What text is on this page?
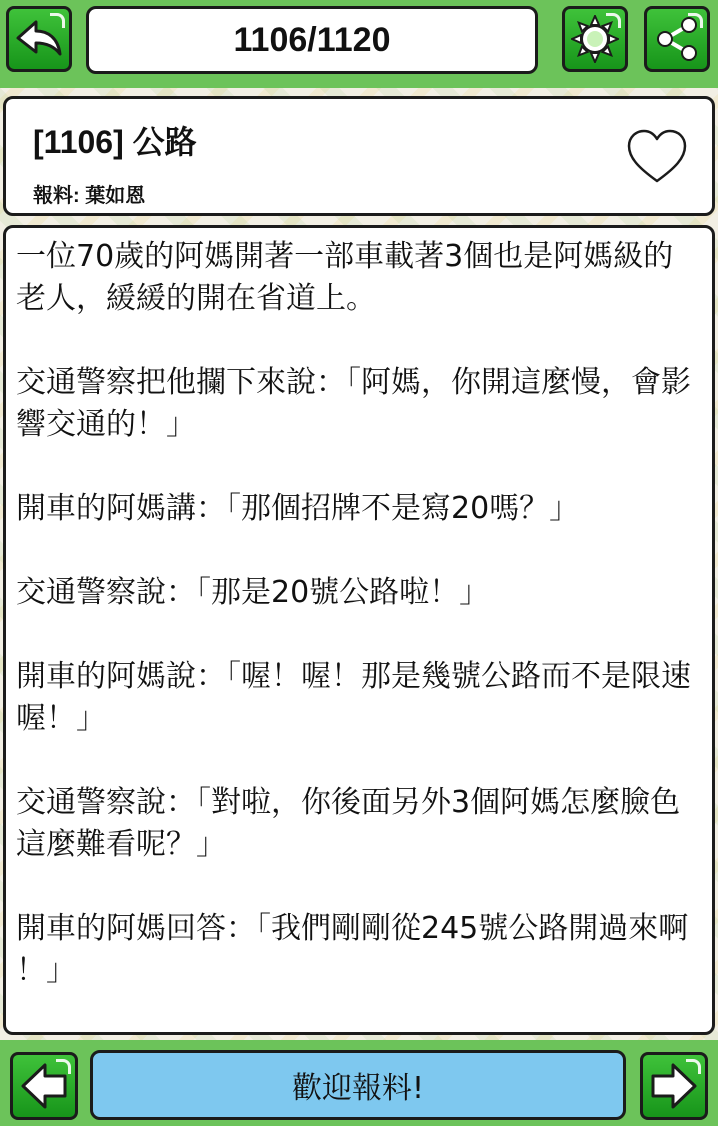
1106/1120
[1106] 公路
報料: 葉如恩

一位70歲的阿媽開著一部車載著3個也是阿媽級的老人，緩緩的開在省道上。

交通警察把他攔下來說：「阿媽，你開這麼慢，會影響交通的！」

開車的阿媽講：「那個招牌不是寫20嗎？」

交通警察說：「那是20號公路啦！」

開車的阿媽說：「喔！喔！那是幾號公路而不是限速喔！」

交通警察說：「對啦，你後面另外3個阿媽怎麼臉色這麼難看呢？」

開車的阿媽回答：「我們剛剛從245號公路開過來啊 ！」

歡迎報料!
